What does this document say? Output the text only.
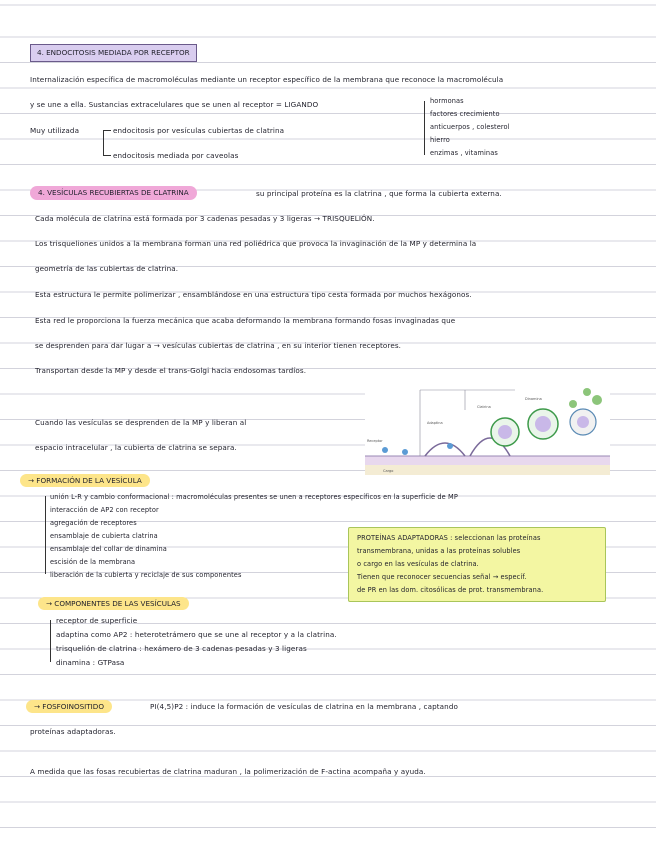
4. ENDOCITOSIS MEDIADA POR RECEPTOR
Internalización específica de macromoléculas mediante un receptor específico de la membrana que reconoce la macromolécula
y se une a ella. Sustancias extracelulares que se unen al receptor = LIGANDO
Muy utilizada	endocitosis por vesículas cubiertas de clatrina
endocitosis mediada por caveolas
hormonas
factores crecimiento
anticuerpos , colesterol
hierro
enzimas , vitaminas
4. VESÍCULAS RECUBIERTAS DE CLATRINA	su principal proteína es la clatrina , que forma la cubierta externa.
Cada molécula de clatrina está formada por 3 cadenas pesadas y 3 ligeras → TRISQUELIÓN.
Los trisqueliones unidos a la membrana forman una red poliédrica que provoca la invaginación de la MP y determina la
geometría de las cubiertas de clatrina.
Esta estructura le permite polimerizar , ensamblándose en una estructura tipo cesta formada por muchos hexágonos.
Esta red le proporciona la fuerza mecánica que acaba deformando la membrana formando fosas invaginadas que
se desprenden para dar lugar a → vesículas cubiertas de clatrina , en su interior tienen receptores.
Transportan desde la MP y desde el trans-Golgi hacia endosomas tardíos.
Cuando las vesículas se desprenden de la MP y liberan al
espacio intracelular , la cubierta de clatrina se separa.
Receptor
Adaptina
Clatrina
Dinamina
Cargo
→ FORMACIÓN DE LA VESÍCULA
unión L-R y cambio conformacional : macromoléculas presentes se unen a receptores específicos en la superficie de MP
interacción de AP2 con receptor
agregación de receptores
ensamblaje de cubierta clatrina
ensamblaje del collar de dinamina
escisión de la membrana
liberación de la cubierta y reciclaje de sus componentes
PROTEÍNAS ADAPTADORAS : seleccionan las proteínas
transmembrana, unidas a las proteínas solubles
o cargo en las vesículas de clatrina.
Tienen que reconocer secuencias señal → específ.
de PR en las dom. citosólicas de prot. transmembrana.
→ COMPONENTES DE LAS VESÍCULAS
receptor de superficie
adaptina como AP2 : heterotetrámero que se une al receptor y a la clatrina.
trisquelión de clatrina : hexámero de 3 cadenas pesadas y 3 ligeras
dinamina : GTPasa
→ FOSFOINOSITIDO	PI(4,5)P2 : induce la formación de vesículas de clatrina en la membrana , captando
proteínas adaptadoras.
A medida que las fosas recubiertas de clatrina maduran , la polimerización de F-actina acompaña y ayuda.
